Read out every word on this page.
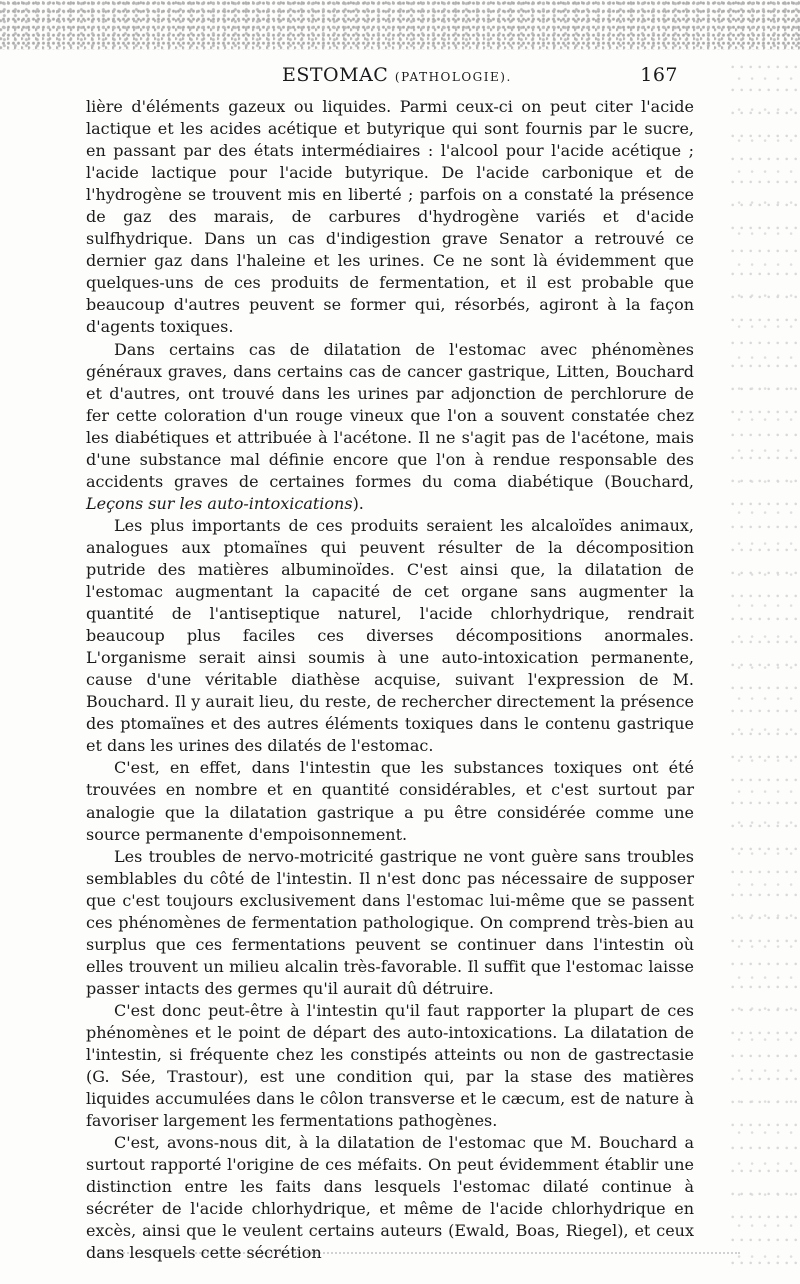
ESTOMAC (PATHOLOGIE).	167

lière d'éléments gazeux ou liquides. Parmi ceux-ci on peut citer l'acide lactique et les acides acétique et butyrique qui sont fournis par le sucre, en passant par des états intermédiaires : l'alcool pour l'acide acétique ; l'acide lactique pour l'acide butyrique. De l'acide carbonique et de l'hydrogène se trouvent mis en liberté ; parfois on a constaté la présence de gaz des marais, de carbures d'hydrogène variés et d'acide sulfhydrique. Dans un cas d'indigestion grave Senator a retrouvé ce dernier gaz dans l'haleine et les urines. Ce ne sont là évidemment que quelques-uns de ces produits de fermentation, et il est probable que beaucoup d'autres peuvent se former qui, résorbés, agiront à la façon d'agents toxiques.

Dans certains cas de dilatation de l'estomac avec phénomènes généraux graves, dans certains cas de cancer gastrique, Litten, Bouchard et d'autres, ont trouvé dans les urines par adjonction de perchlorure de fer cette coloration d'un rouge vineux que l'on a souvent constatée chez les diabétiques et attribuée à l'acétone. Il ne s'agit pas de l'acétone, mais d'une substance mal définie encore que l'on à rendue responsable des accidents graves de certaines formes du coma diabétique (Bouchard, Leçons sur les auto-intoxications).

Les plus importants de ces produits seraient les alcaloïdes animaux, analogues aux ptomaïnes qui peuvent résulter de la décomposition putride des matières albuminoïdes. C'est ainsi que, la dilatation de l'estomac augmentant la capacité de cet organe sans augmenter la quantité de l'antiseptique naturel, l'acide chlorhydrique, rendrait beaucoup plus faciles ces diverses décompositions anormales. L'organisme serait ainsi soumis à une auto-intoxication permanente, cause d'une véritable diathèse acquise, suivant l'expression de M. Bouchard. Il y aurait lieu, du reste, de rechercher directement la présence des ptomaïnes et des autres éléments toxiques dans le contenu gastrique et dans les urines des dilatés de l'estomac.

C'est, en effet, dans l'intestin que les substances toxiques ont été trouvées en nombre et en quantité considérables, et c'est surtout par analogie que la dilatation gastrique a pu être considérée comme une source permanente d'empoisonnement.

Les troubles de nervo-motricité gastrique ne vont guère sans troubles semblables du côté de l'intestin. Il n'est donc pas nécessaire de supposer que c'est toujours exclusivement dans l'estomac lui-même que se passent ces phénomènes de fermentation pathologique. On comprend très-bien au surplus que ces fermentations peuvent se continuer dans l'intestin où elles trouvent un milieu alcalin très-favorable. Il suffit que l'estomac laisse passer intacts des germes qu'il aurait dû détruire.

C'est donc peut-être à l'intestin qu'il faut rapporter la plupart de ces phénomènes et le point de départ des auto-intoxications. La dilatation de l'intestin, si fréquente chez les constipés atteints ou non de gastrectasie (G. Sée, Trastour), est une condition qui, par la stase des matières liquides accumulées dans le côlon transverse et le cæcum, est de nature à favoriser largement les fermentations pathogènes.

C'est, avons-nous dit, à la dilatation de l'estomac que M. Bouchard a surtout rapporté l'origine de ces méfaits. On peut évidemment établir une distinction entre les faits dans lesquels l'estomac dilaté continue à sécréter de l'acide chlorhydrique, et même de l'acide chlorhydrique en excès, ainsi que le veulent certains auteurs (Ewald, Boas, Riegel), et ceux dans lesquels cette sécrétion
